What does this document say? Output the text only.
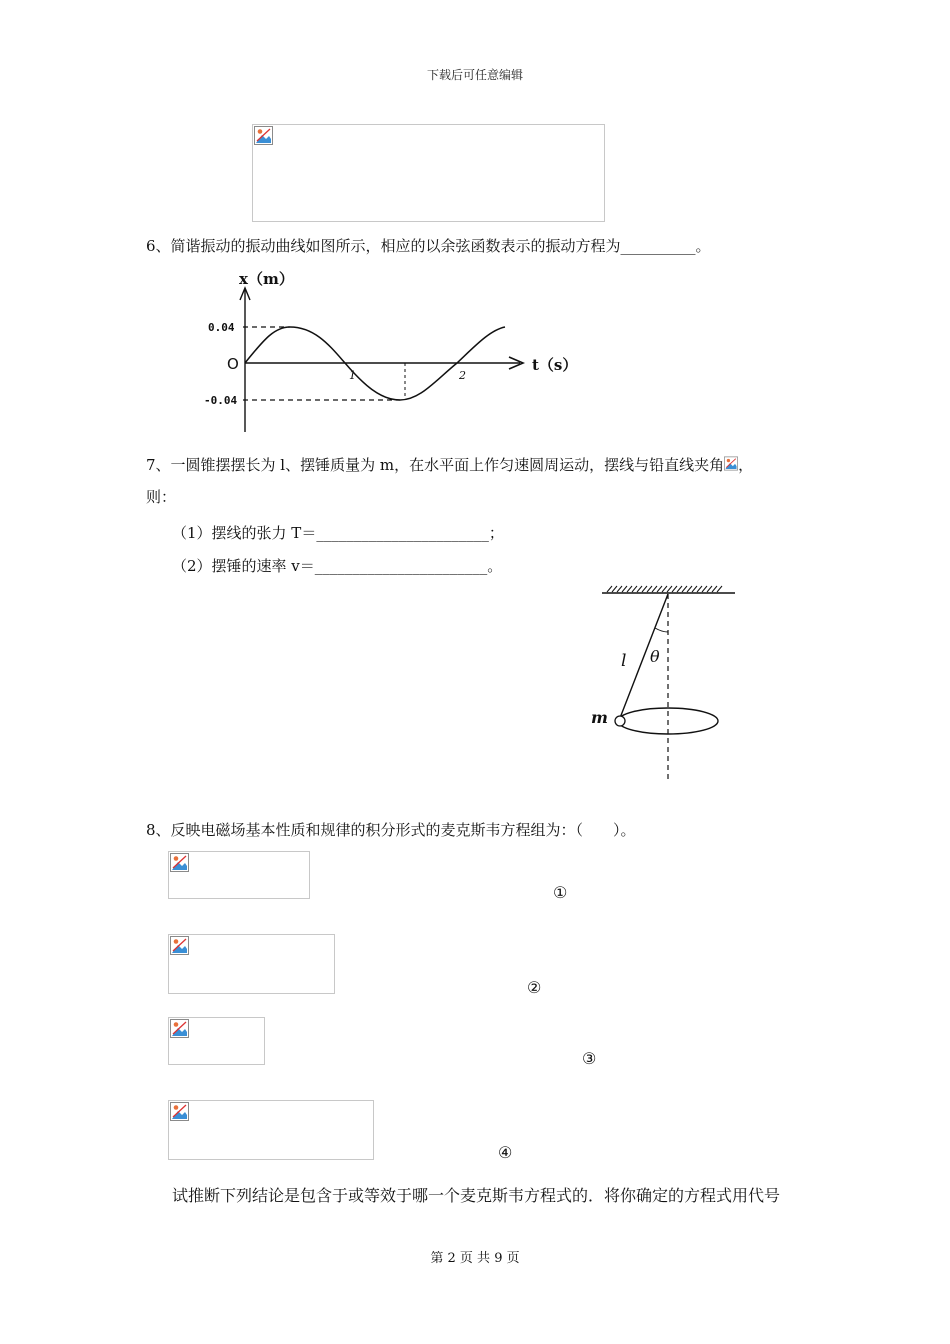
下载后可任意编辑
6、简谐振动的振动曲线如图所示，相应的以余弦函数表示的振动方程为__________。
x（m）
t（s）
O
0.04
-0.04
1	2
7、一圆锥摆摆长为 l、摆锤质量为 m，在水平面上作匀速圆周运动，摆线与铅直线夹角 ，
则：
（1）摆线的张力 T＝_______________________；
（2）摆锤的速率 v＝_______________________。
l θ
m
8、反映电磁场基本性质和规律的积分形式的麦克斯韦方程组为：（　　）。
①
②
③
④
试推断下列结论是包含于或等效于哪一个麦克斯韦方程式的．将你确定的方程式用代号
第 2 页 共 9 页
